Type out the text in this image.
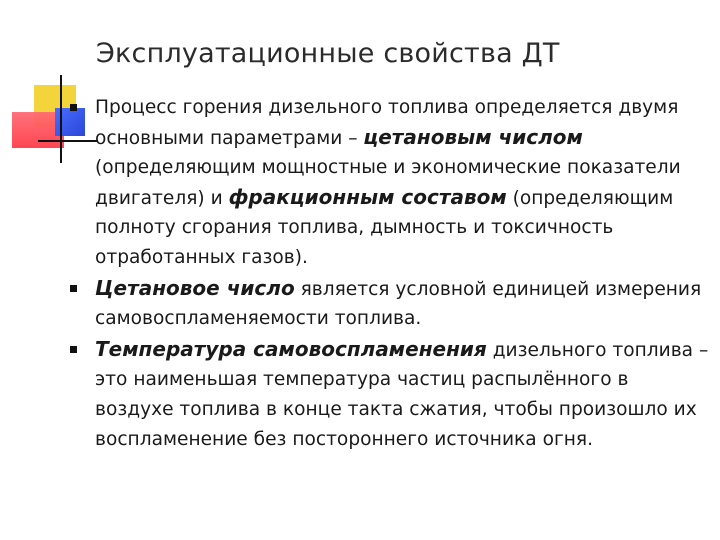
Эксплуатационные свойства ДТ
Процесс горения дизельного топлива определяется двумя основными параметрами – цетановым числом (определяющим мощностные и экономические показатели двигателя) и фракционным составом (определяющим полноту сгорания топлива, дымность и токсичность отработанных газов).
Цетановое число является условной единицей измерения самовоспламеняемости топлива.
Температура самовоспламенения дизельного топлива – это наименьшая температура частиц распылённого в воздухе топлива в конце такта сжатия, чтобы произошло их воспламенение без постороннего источника огня.
